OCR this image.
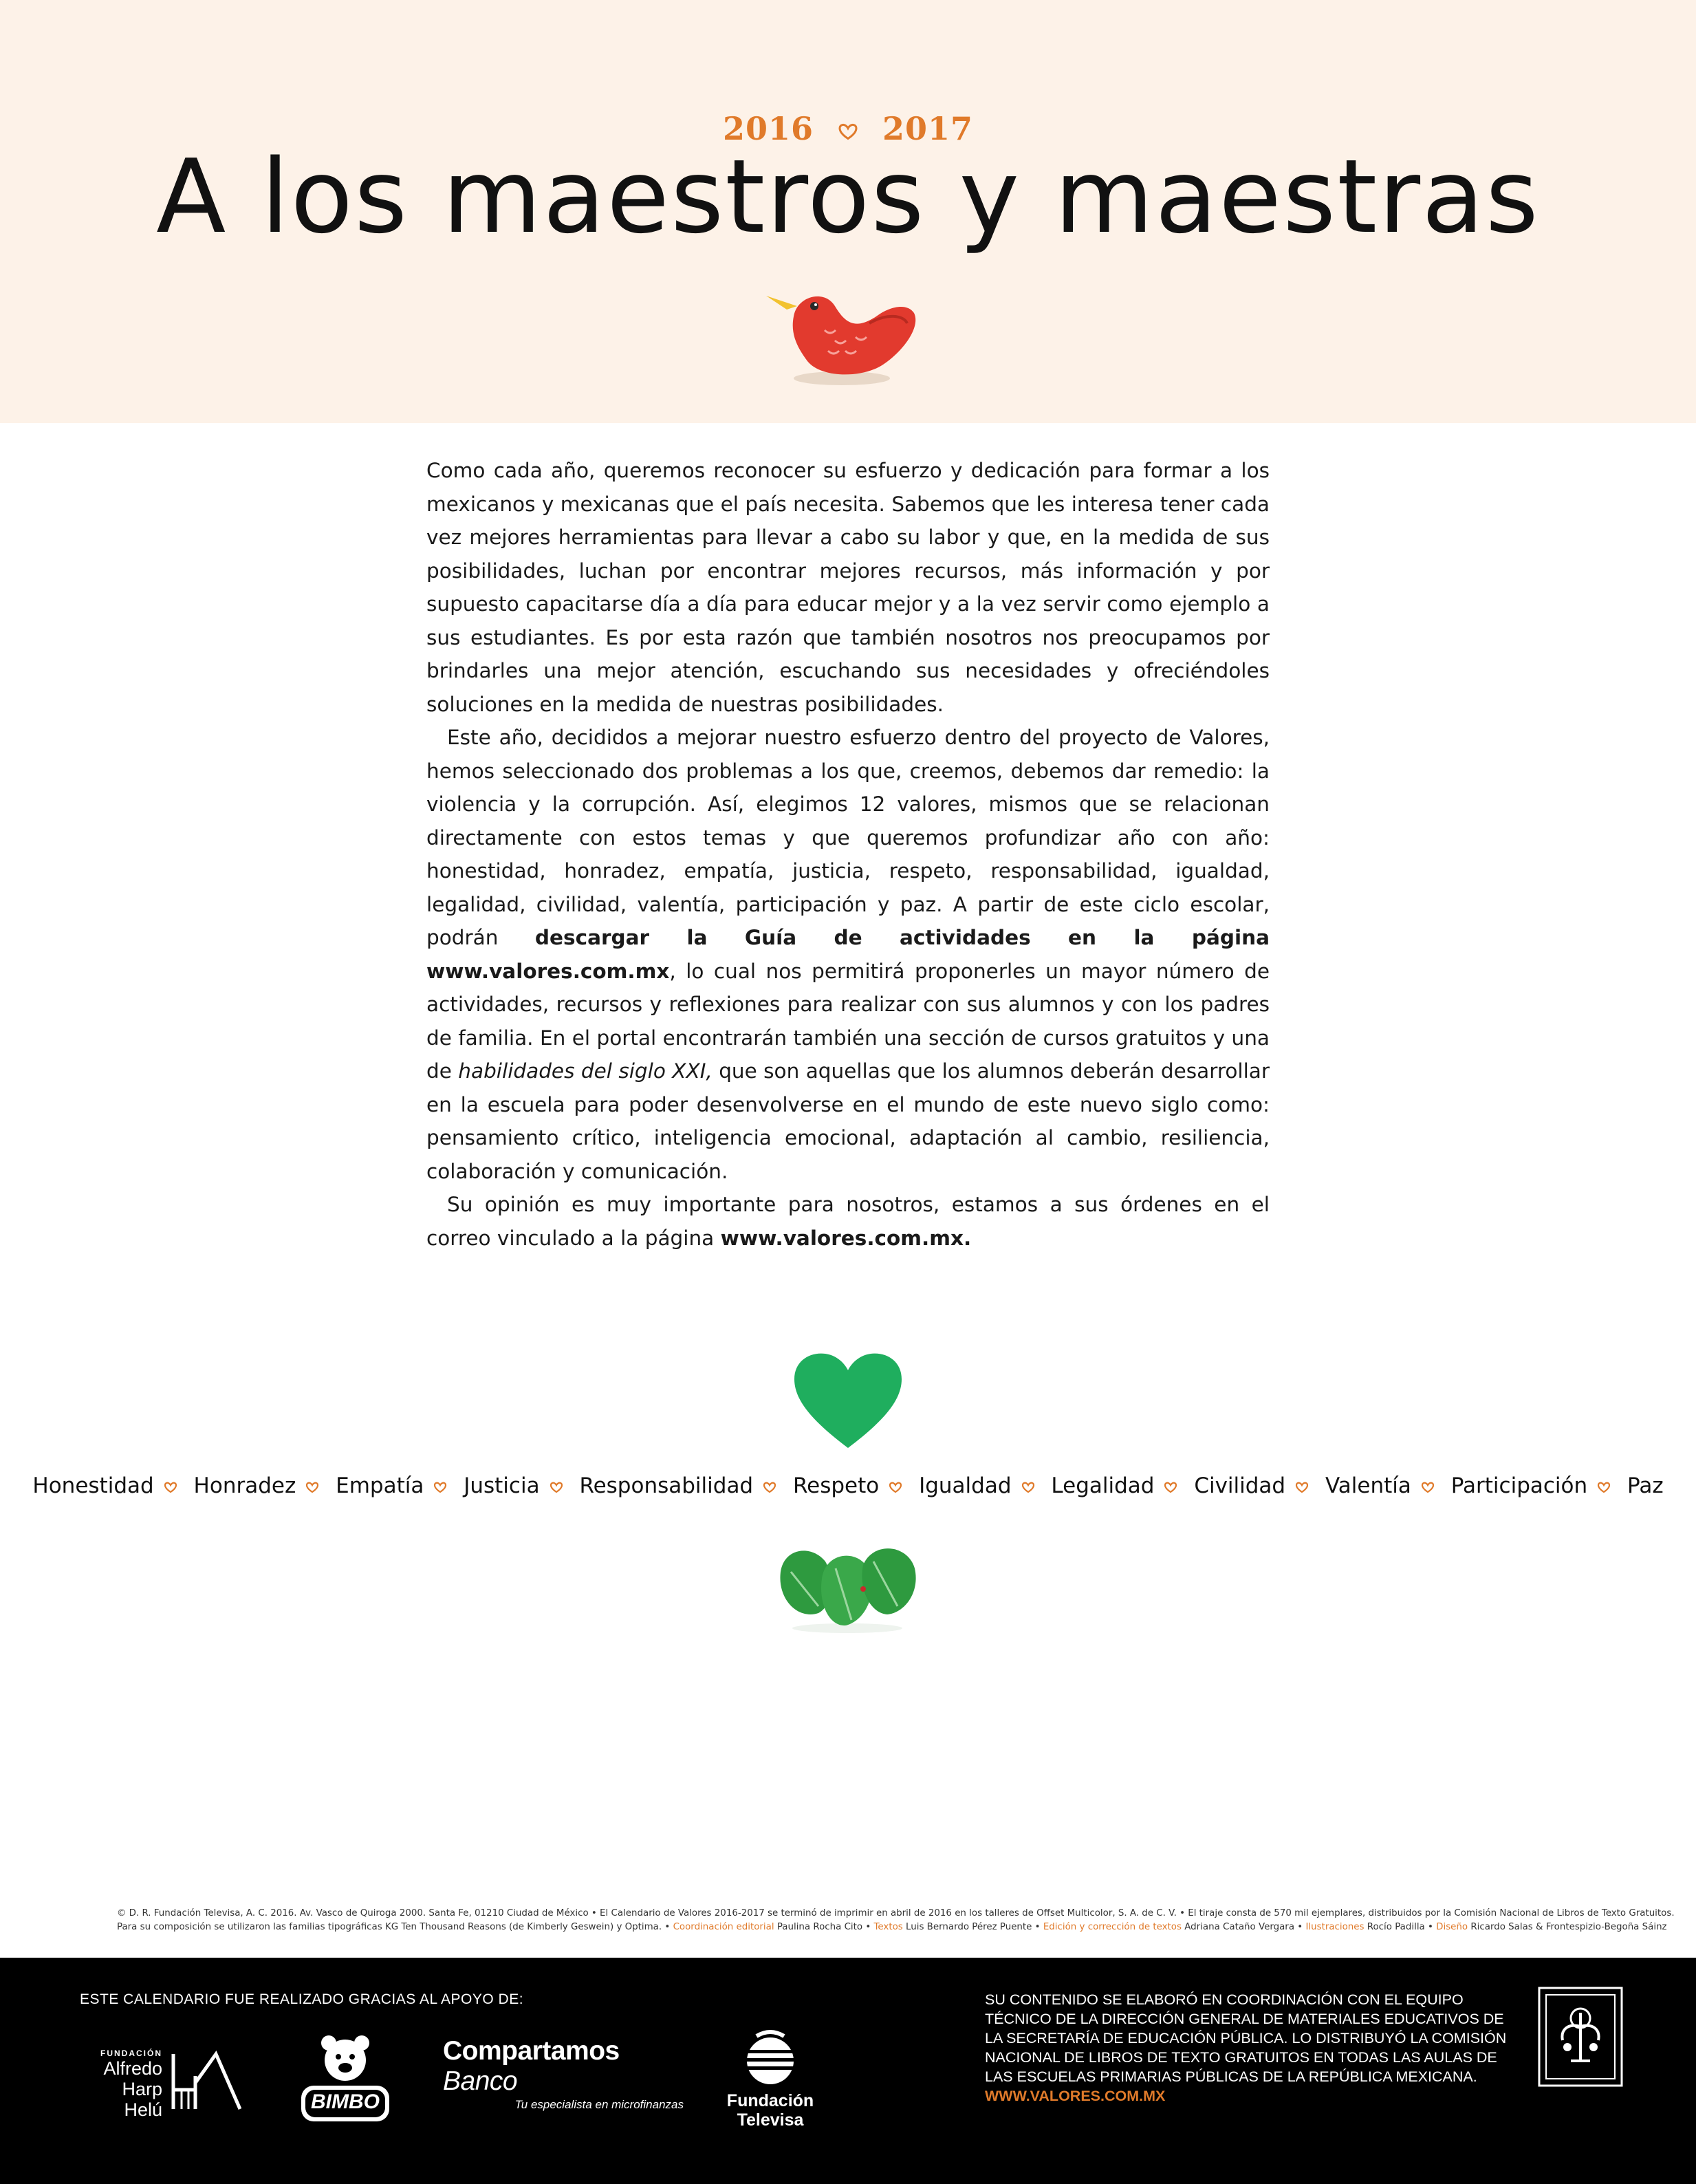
2016 2017
A los maestros y maestras

Como cada año, queremos reconocer su esfuerzo y dedicación para formar a los mexicanos y mexicanas que el país necesita. Sabemos que les interesa tener cada vez mejores herramientas para llevar a cabo su labor y que, en la medida de sus posibilidades, luchan por encontrar mejores recursos, más información y por supuesto capacitarse día a día para educar mejor y a la vez servir como ejemplo a sus estudiantes. Es por esta razón que también nosotros nos preocupamos por brindarles una mejor atención, escuchando sus necesidades y ofreciéndoles soluciones en la medida de nuestras posibilidades.

Este año, decididos a mejorar nuestro esfuerzo dentro del proyecto de Valores, hemos seleccionado dos problemas a los que, creemos, debemos dar remedio: la violencia y la corrupción. Así, elegimos 12 valores, mismos que se relacionan directamente con estos temas y que queremos profundizar año con año: honestidad, honradez, empatía, justicia, respeto, responsabilidad, igualdad, legalidad, civilidad, valentía, participación y paz. A partir de este ciclo escolar, podrán descargar la Guía de actividades en la página www.valores.com.mx, lo cual nos permitirá proponerles un mayor número de actividades, recursos y reflexiones para realizar con sus alumnos y con los padres de familia. En el portal encontrarán también una sección de cursos gratuitos y una de habilidades del siglo XXI, que son aquellas que los alumnos deberán desarrollar en la escuela para poder desenvolverse en el mundo de este nuevo siglo como: pensamiento crítico, inteligencia emocional, adaptación al cambio, resiliencia, colaboración y comunicación.

Su opinión es muy importante para nosotros, estamos a sus órdenes en el correo vinculado a la página www.valores.com.mx.

Honestidad Honradez Empatía Justicia Responsabilidad Respeto Igualdad Legalidad Civilidad Valentía Participación Paz
© D. R. Fundación Televisa, A. C. 2016. Av. Vasco de Quiroga 2000. Santa Fe, 01210 Ciudad de México • El Calendario de Valores 2016-2017 se terminó de imprimir en abril de 2016 en los talleres de Offset Multicolor, S. A. de C. V. • El tiraje consta de 570 mil ejemplares, distribuidos por la Comisión Nacional de Libros de Texto Gratuitos.
Para su composición se utilizaron las familias tipográficas KG Ten Thousand Reasons (de Kimberly Geswein) y Optima. • Coordinación editorial Paulina Rocha Cito • Textos Luis Bernardo Pérez Puente • Edición y corrección de textos Adriana Cataño Vergara • Ilustraciones Rocío Padilla • Diseño Ricardo Salas & Frontespizio-Begoña Sáinz
ESTE CALENDARIO FUE REALIZADO GRACIAS AL APOYO DE:
FUNDACIÓN
Alfredo
Harp Helú	BIMBO
Compartamos Banco
Tu especialista en microfinanzas	Fundación
Televisa
SU CONTENIDO SE ELABORÓ EN COORDINACIÓN CON EL EQUIPO TÉCNICO DE LA DIRECCIÓN GENERAL DE MATERIALES EDUCATIVOS DE LA SECRETARÍA DE EDUCACIÓN PÚBLICA. LO DISTRIBUYÓ LA COMISIÓN NACIONAL DE LIBROS DE TEXTO GRATUITOS EN TODAS LAS AULAS DE LAS ESCUELAS PRIMARIAS PÚBLICAS DE LA REPÚBLICA MEXICANA.
WWW.VALORES.COM.MX
